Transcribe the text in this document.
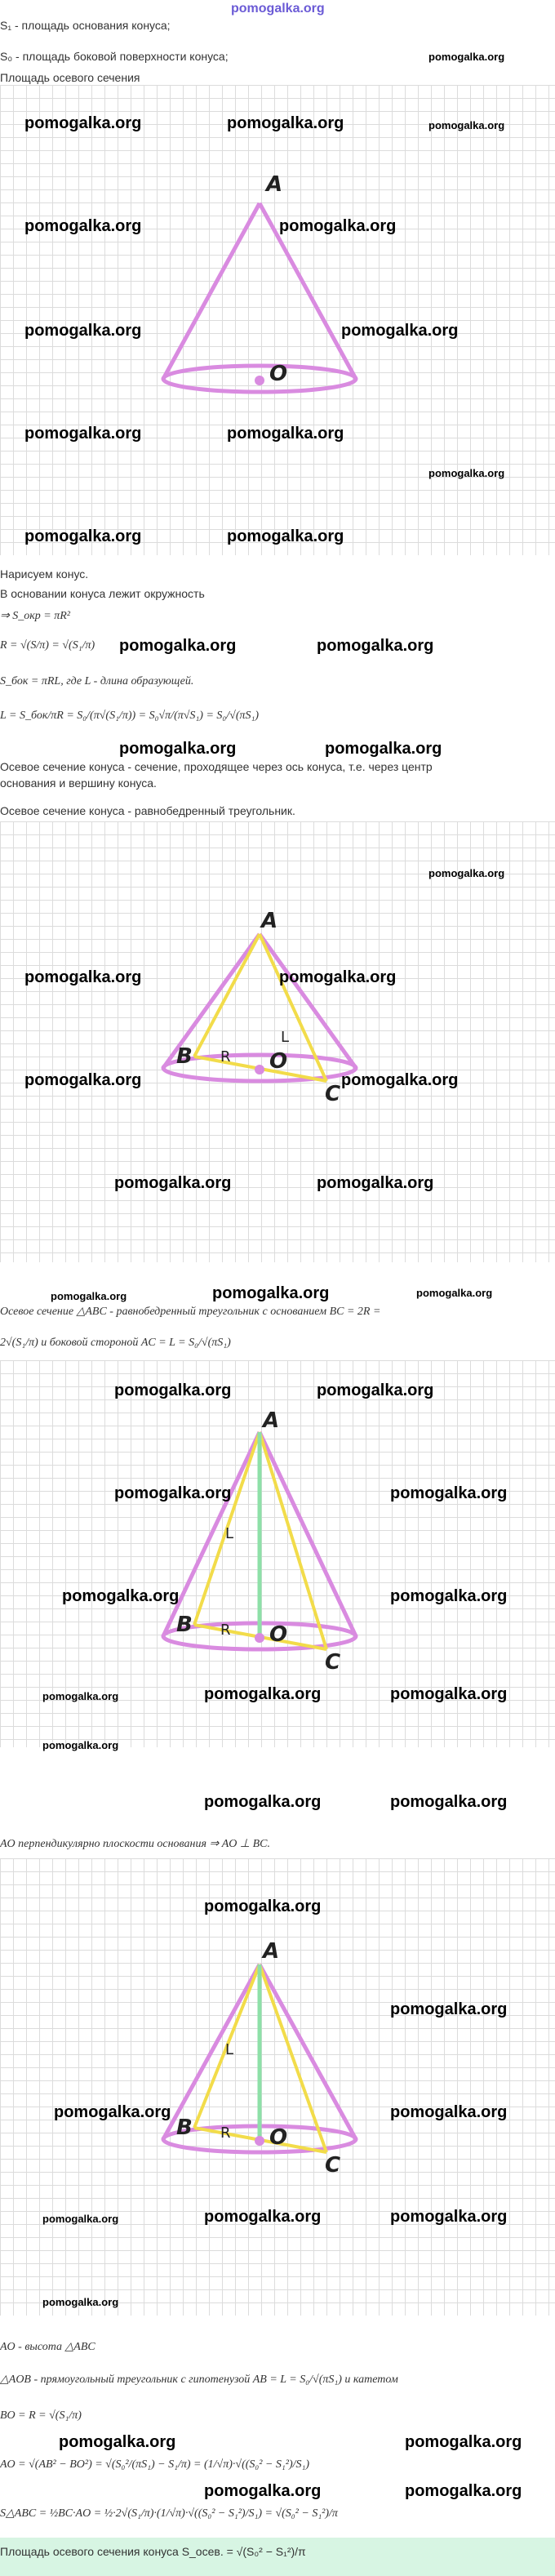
pomogalka.org
S₁ - площадь основания конуса;
S₀ - площадь боковой поверхности конуса;
Площадь осевого сечения
pomogalka.org
A
O
pomogalka.org	pomogalka.org	pomogalka.org
pomogalka.org	pomogalka.org
pomogalka.org	pomogalka.org
pomogalka.org	pomogalka.org
pomogalka.org
pomogalka.org	pomogalka.org
Нарисуем конус.
В основании конуса лежит окружность
⇒ S_окр = πR²
R = √(S/π) = √(S₁/π) pomogalka.org	pomogalka.org
S_бок = πRL, где L - длина образующей.
L = S_бок/πR = S₀/(π√(S₁/π)) = S₀√π/(π√S₁) = S₀/√(πS₁)
pomogalka.org	pomogalka.org
Осевое сечение конуса - сечение, проходящее через ось конуса, т.е. через центр
основания и вершину конуса.
Осевое сечение конуса - равнобедренный треугольник.
A
O
B
C
R
L
pomogalka.org
pomogalka.org	pomogalka.org
pomogalka.org	pomogalka.org
pomogalka.org	pomogalka.org
pomogalka.org	pomogalka.org	pomogalka.org
Осевое сечение △ABC - равнобедренный треугольник с основанием BC = 2R =
2√(S₁/π) и боковой стороной AC = L = S₀/√(πS₁)
A
O
B
C
R
L
pomogalka.org	pomogalka.org
pomogalka.org	pomogalka.org
pomogalka.org	pomogalka.org
pomogalka.org	pomogalka.org	pomogalka.org
pomogalka.org
pomogalka.org	pomogalka.org
AO перпендикулярно плоскости основания ⇒ AO ⊥ BC.
A
O
B
C
R
L
pomogalka.org
pomogalka.org
pomogalka.org	pomogalka.org
pomogalka.org	pomogalka.org	pomogalka.org
pomogalka.org
AO - высота △ABC
△AOB - прямоугольный треугольник с гипотенузой AB = L = S₀/√(πS₁) и катетом
BO = R = √(S₁/π)
pomogalka.org	pomogalka.org
AO = √(AB² − BO²) = √(S₀²/(πS₁) − S₁/π) = (1/√π)·√((S₀² − S₁²)/S₁)
pomogalka.org	pomogalka.org
S△ABC = ½BC·AO = ½·2√(S₁/π)·(1/√π)·√((S₀² − S₁²)/S₁) = √(S₀² − S₁²)/π
Площадь осевого сечения конуса S_осев. = √(S₀² − S₁²)/π
